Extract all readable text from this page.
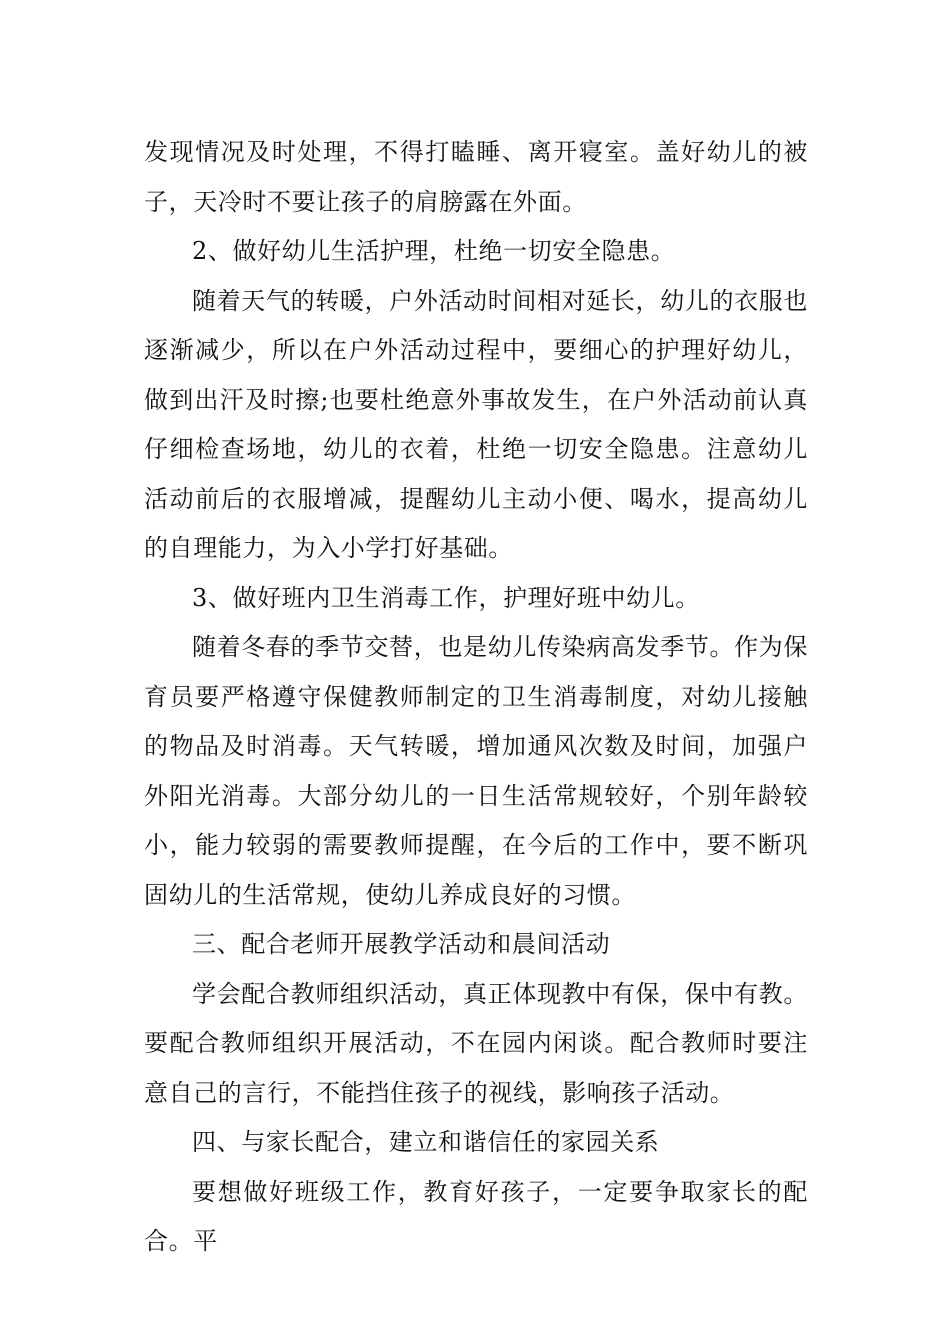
发现情况及时处理，不得打瞌睡、离开寝室。盖好幼儿的被子，天冷时不要让孩子的肩膀露在外面。

2、做好幼儿生活护理，杜绝一切安全隐患。

随着天气的转暖，户外活动时间相对延长，幼儿的衣服也逐渐减少，所以在户外活动过程中，要细心的护理好幼儿，做到出汗及时擦;也要杜绝意外事故发生，在户外活动前认真仔细检查场地，幼儿的衣着，杜绝一切安全隐患。注意幼儿活动前后的衣服增减，提醒幼儿主动小便、喝水，提高幼儿的自理能力，为入小学打好基础。

3、做好班内卫生消毒工作，护理好班中幼儿。

随着冬春的季节交替，也是幼儿传染病高发季节。作为保育员要严格遵守保健教师制定的卫生消毒制度，对幼儿接触的物品及时消毒。天气转暖，增加通风次数及时间，加强户外阳光消毒。大部分幼儿的一日生活常规较好，个别年龄较小，能力较弱的需要教师提醒，在今后的工作中，要不断巩固幼儿的生活常规，使幼儿养成良好的习惯。

三、配合老师开展教学活动和晨间活动

学会配合教师组织活动，真正体现教中有保，保中有教。要配合教师组织开展活动，不在园内闲谈。配合教师时要注意自己的言行，不能挡住孩子的视线，影响孩子活动。

四、与家长配合，建立和谐信任的家园关系

要想做好班级工作，教育好孩子，一定要争取家长的配合。平
